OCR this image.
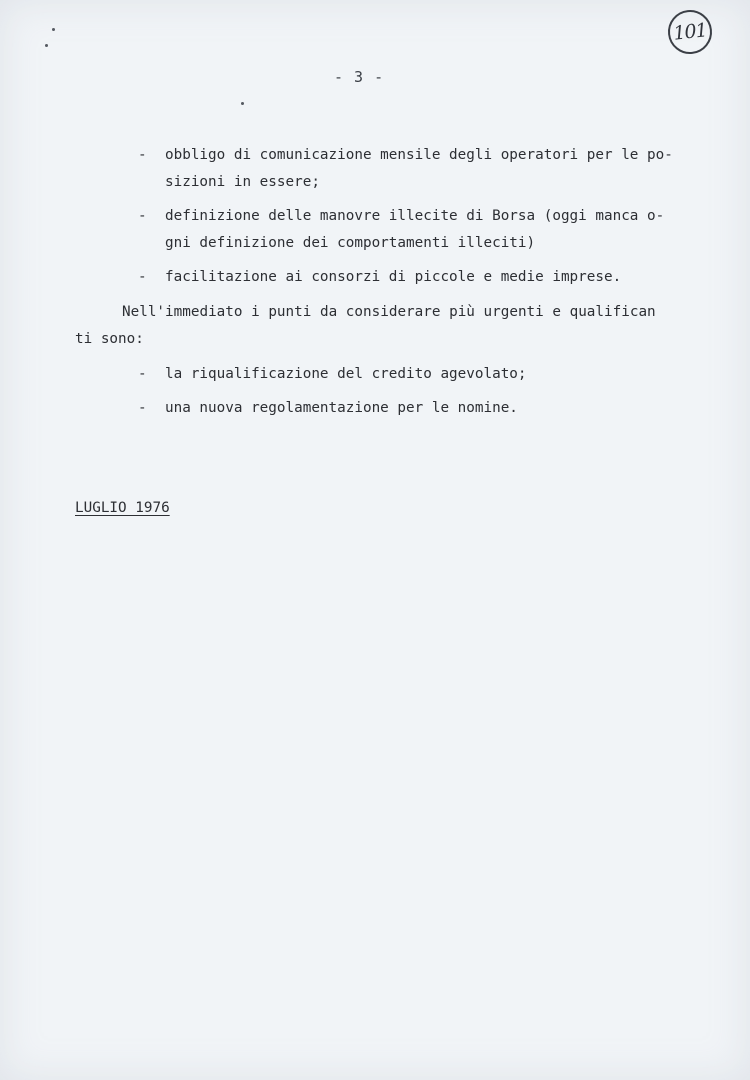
101
- 3 -
- obbligo di comunicazione mensile degli operatori per le po-
sizioni in essere;
- definizione delle manovre illecite di Borsa (oggi manca o-
gni definizione dei comportamenti illeciti)
- facilitazione ai consorzi di piccole e medie imprese.
Nell'immediato i punti da considerare più urgenti e qualifican
ti sono:
- la riqualificazione del credito agevolato;
- una nuova regolamentazione per le nomine.
LUGLIO 1976
